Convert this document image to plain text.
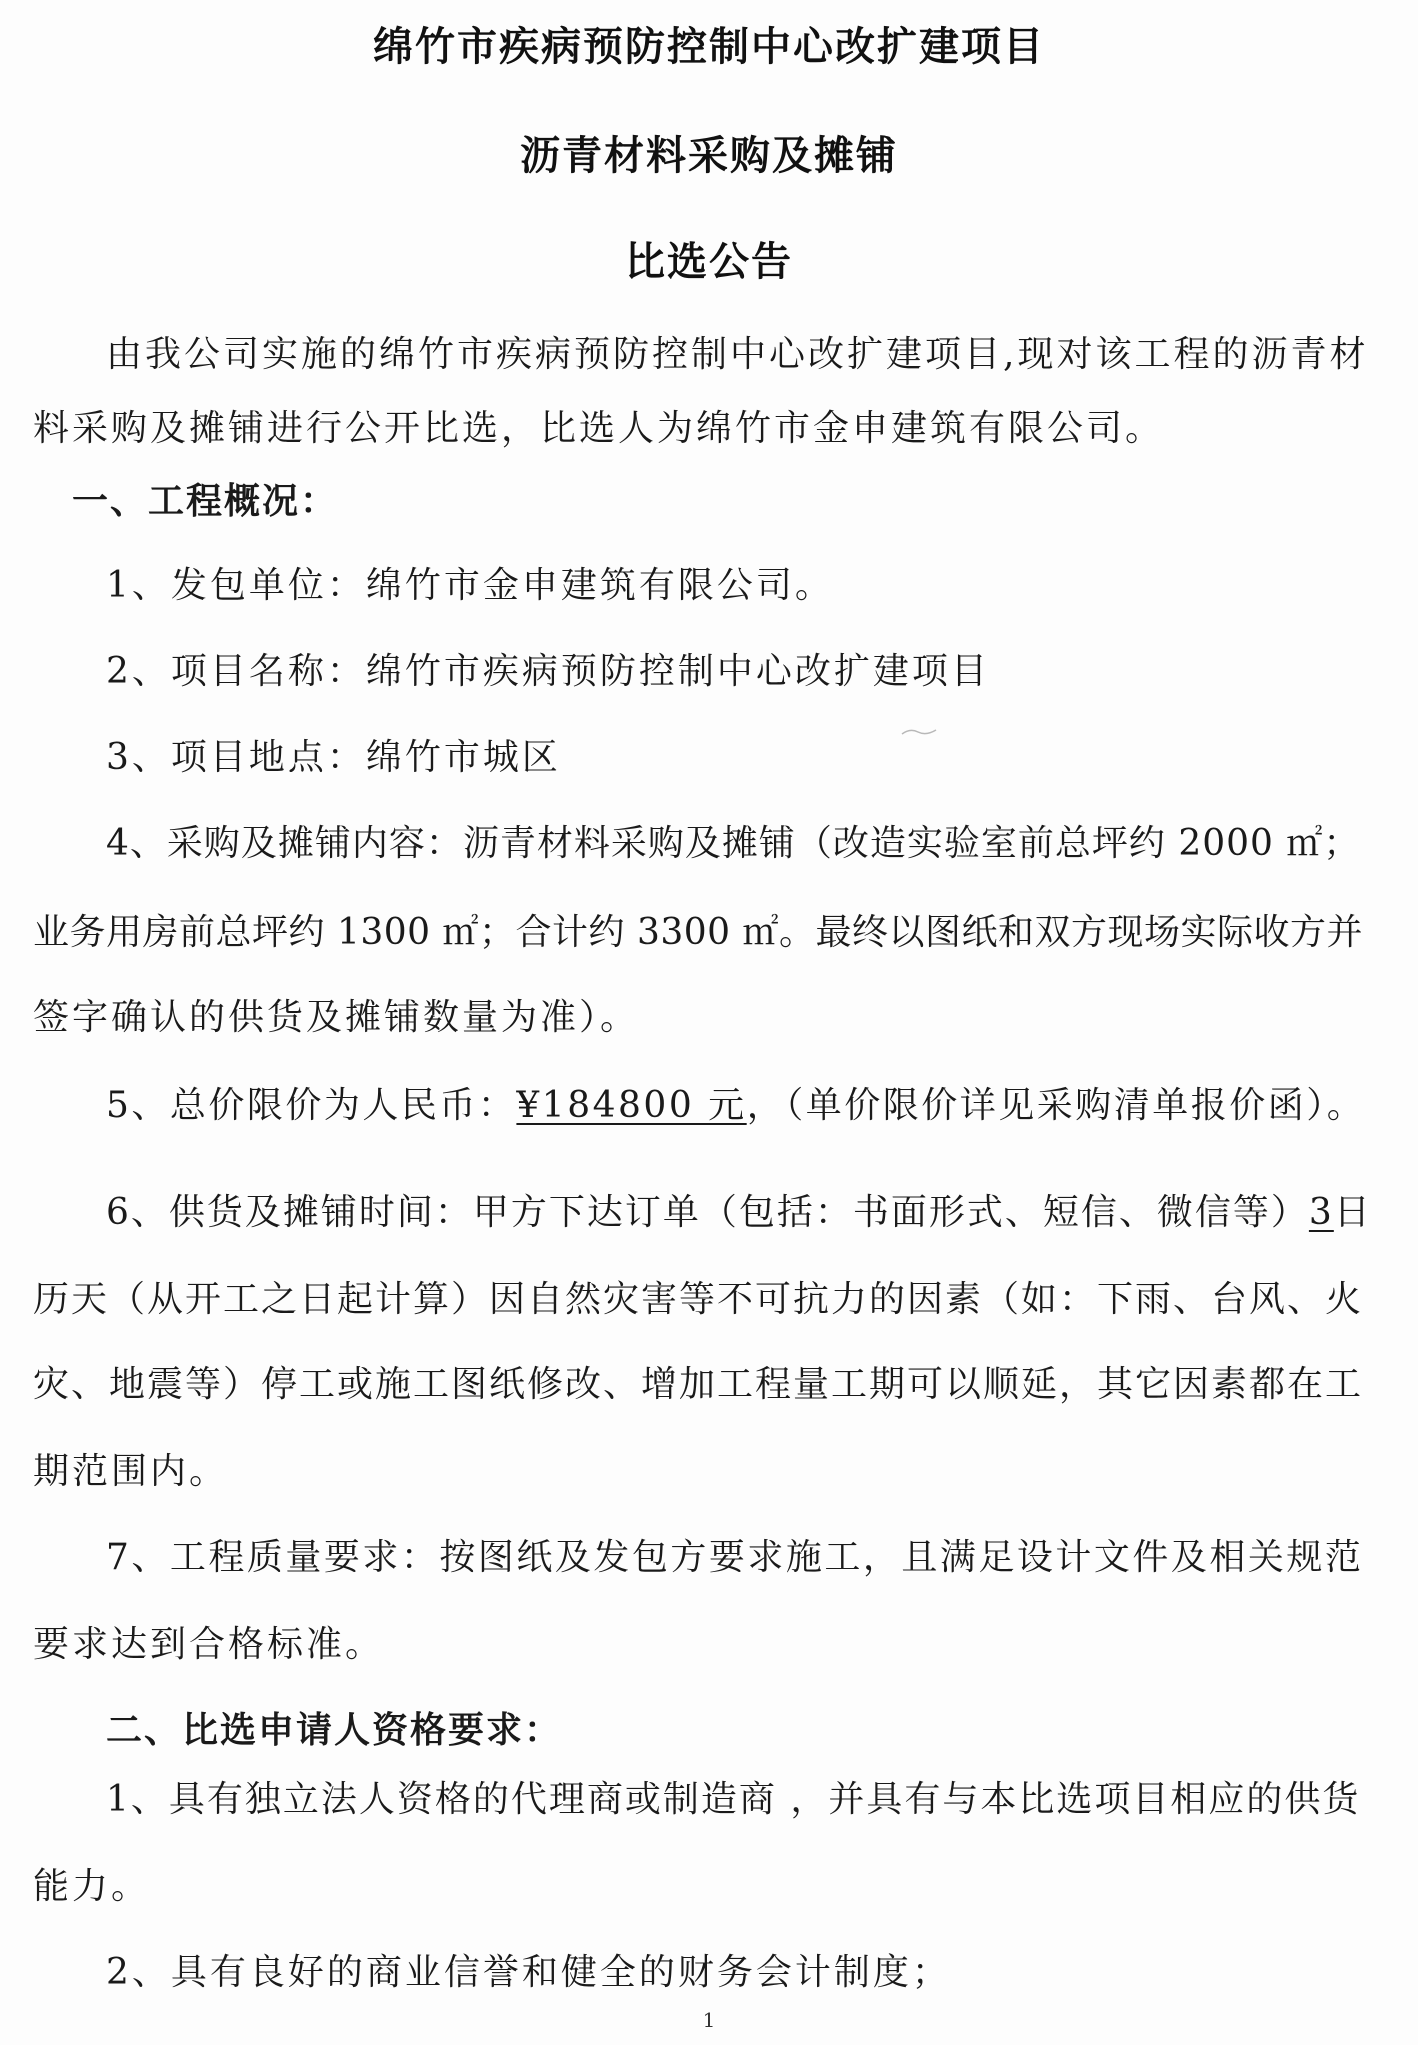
绵竹市疾病预防控制中心改扩建项目
沥青材料采购及摊铺
比选公告
由我公司实施的绵竹市疾病预防控制中心改扩建项目,现对该工程的沥青材
料采购及摊铺进行公开比选，比选人为绵竹市金申建筑有限公司。
一、工程概况：
1、发包单位：绵竹市金申建筑有限公司。
2、项目名称：绵竹市疾病预防控制中心改扩建项目
3、项目地点：绵竹市城区
4、采购及摊铺内容：沥青材料采购及摊铺（改造实验室前总坪约 2000 ㎡；
业务用房前总坪约 1300 ㎡；合计约 3300 ㎡。最终以图纸和双方现场实际收方并
签字确认的供货及摊铺数量为准）。
5、总价限价为人民币：¥184800 元，（单价限价详见采购清单报价函）。
6、供货及摊铺时间：甲方下达订单（包括：书面形式、短信、微信等）3日
历天（从开工之日起计算）因自然灾害等不可抗力的因素（如：下雨、台风、火
灾、地震等）停工或施工图纸修改、增加工程量工期可以顺延，其它因素都在工
期范围内。
7、工程质量要求：按图纸及发包方要求施工，且满足设计文件及相关规范
要求达到合格标准。
二、比选申请人资格要求：
1、具有独立法人资格的代理商或制造商 ，并具有与本比选项目相应的供货
能力。
2、具有良好的商业信誉和健全的财务会计制度；
1
